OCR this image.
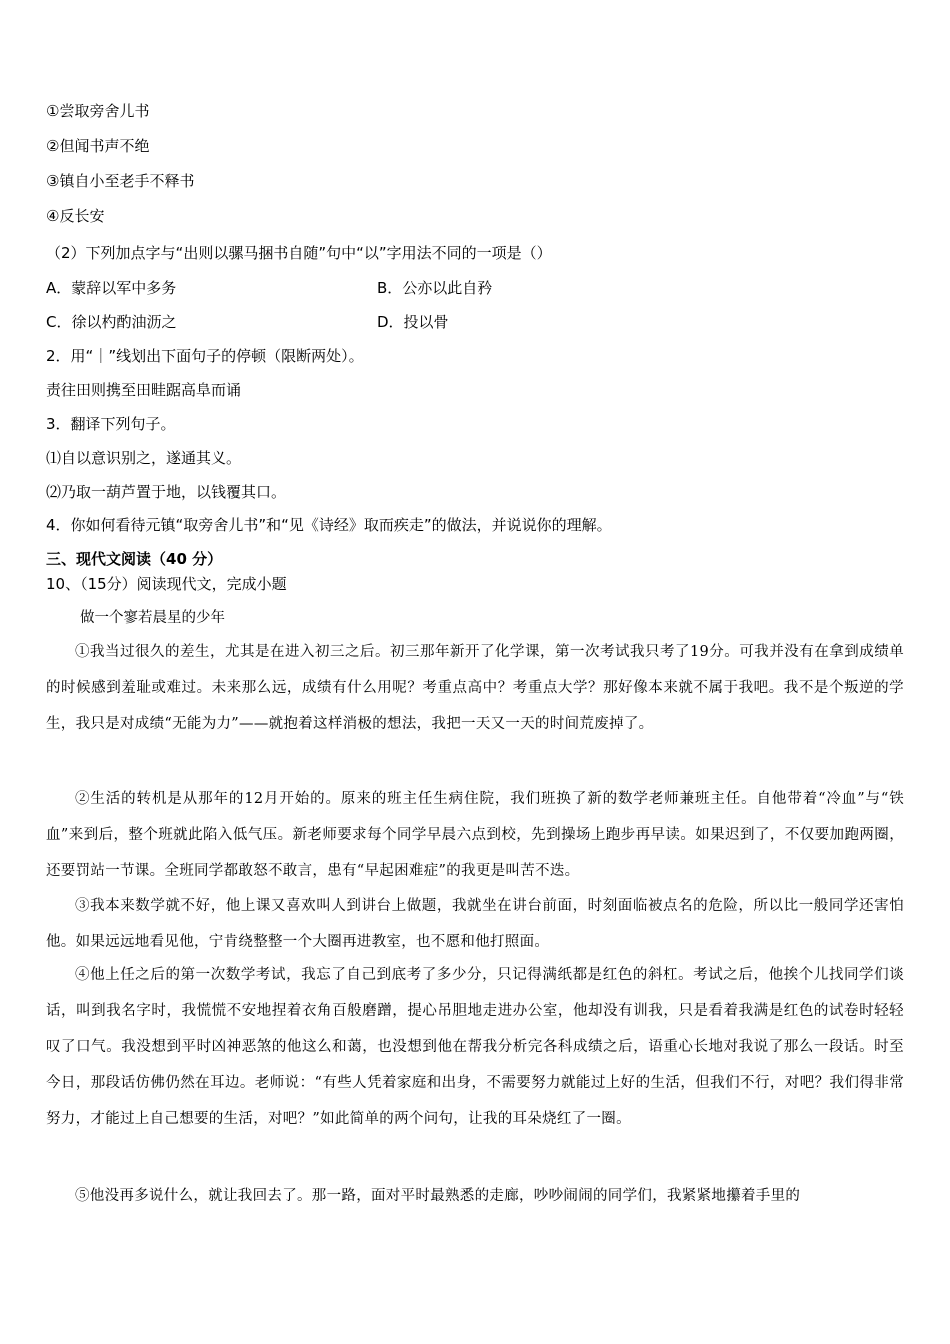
①尝取旁舍儿书
②但闻书声不绝
③镇自小至老手不释书
④反长安
（2）下列加点字与“出则以骡马捆书自随”句中“以”字用法不同的一项是（）
A．蒙辞以军中多务	B．公亦以此自矜
C．徐以杓酌油沥之	D．投以骨
2．用“｜”线划出下面句子的停顿（限断两处）。
责往田则携至田畦踞高阜而诵
3．翻译下列句子。
⑴自以意识别之，遂通其义。
⑵乃取一葫芦置于地，以钱覆其口。
4．你如何看待元镇“取旁舍儿书”和“见《诗经》取而疾走”的做法，并说说你的理解。
三、现代文阅读（40 分）
10、（15分）阅读现代文，完成小题
做一个寥若晨星的少年
①我当过很久的差生，尤其是在进入初三之后。初三那年新开了化学课，第一次考试我只考了19分。可我并没有在拿到成绩单的时候感到羞耻或难过。未来那么远，成绩有什么用呢？考重点高中？考重点大学？那好像本来就不属于我吧。我不是个叛逆的学生，我只是对成绩“无能为力”——就抱着这样消极的想法，我把一天又一天的时间荒废掉了。
②生活的转机是从那年的12月开始的。原来的班主任生病住院，我们班换了新的数学老师兼班主任。自他带着“冷血”与“铁血”来到后，整个班就此陷入低气压。新老师要求每个同学早晨六点到校，先到操场上跑步再早读。如果迟到了，不仅要加跑两圈，还要罚站一节课。全班同学都敢怒不敢言，患有“早起困难症”的我更是叫苦不迭。
③我本来数学就不好，他上课又喜欢叫人到讲台上做题，我就坐在讲台前面，时刻面临被点名的危险，所以比一般同学还害怕他。如果远远地看见他，宁肯绕整整一个大圈再进教室，也不愿和他打照面。
④他上任之后的第一次数学考试，我忘了自己到底考了多少分，只记得满纸都是红色的斜杠。考试之后，他挨个儿找同学们谈话，叫到我名字时，我慌慌不安地捏着衣角百般磨蹭，提心吊胆地走进办公室，他却没有训我，只是看着我满是红色的试卷时轻轻叹了口气。我没想到平时凶神恶煞的他这么和蔼，也没想到他在帮我分析完各科成绩之后，语重心长地对我说了那么一段话。时至今日，那段话仿佛仍然在耳边。老师说：“有些人凭着家庭和出身，不需要努力就能过上好的生活，但我们不行，对吧？我们得非常努力，才能过上自己想要的生活，对吧？”如此简单的两个问句，让我的耳朵烧红了一圈。
⑤他没再多说什么，就让我回去了。那一路，面对平时最熟悉的走廊，吵吵闹闹的同学们，我紧紧地攥着手里的
